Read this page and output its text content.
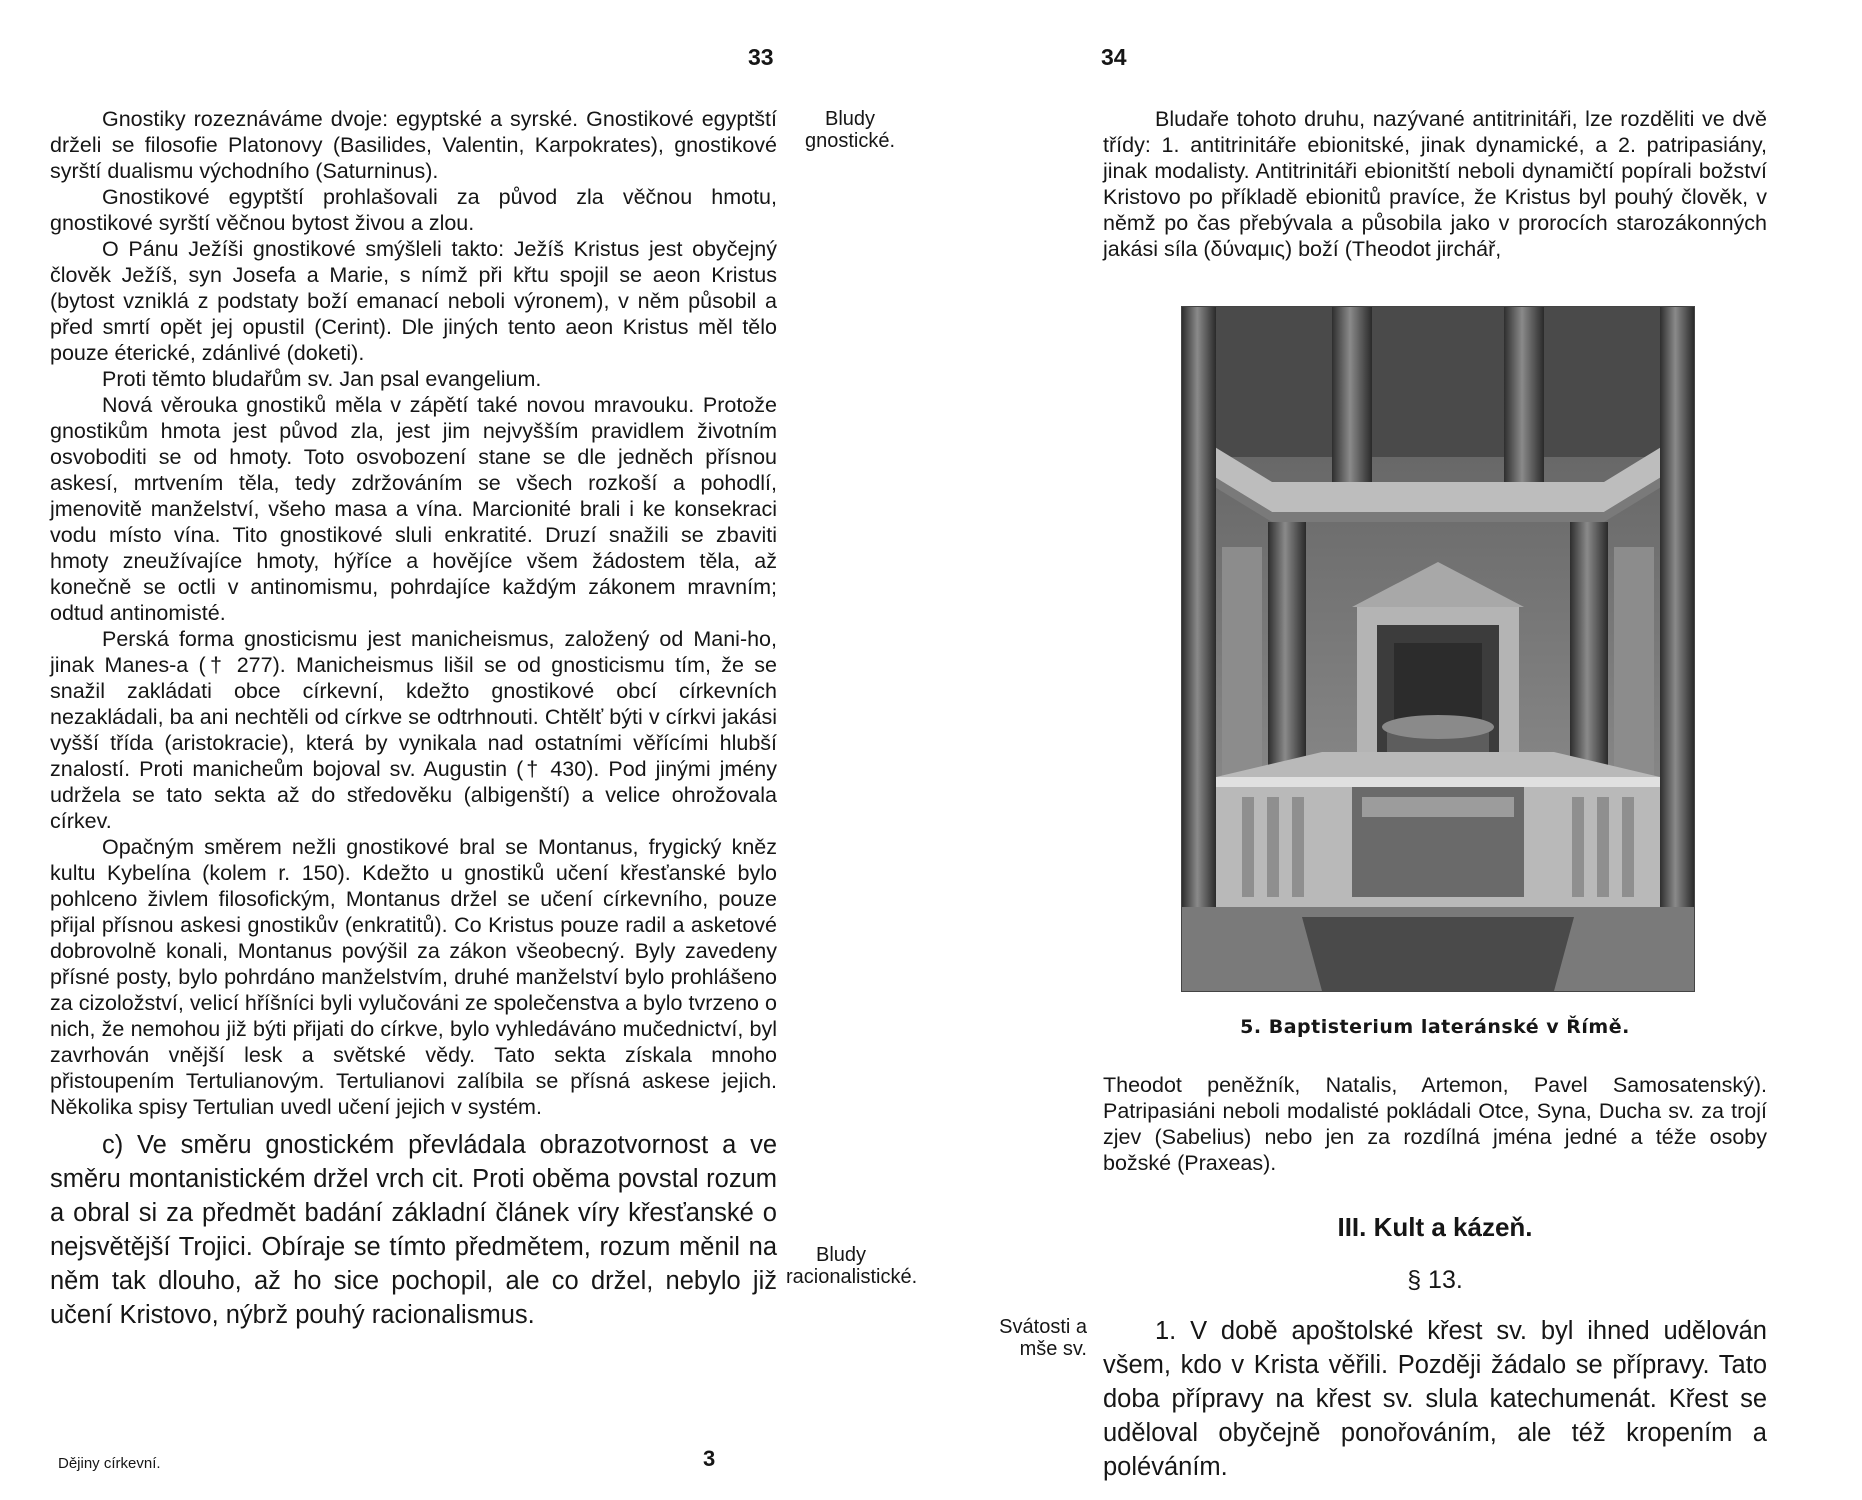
33
Bludy gnostické.

Gnostiky rozeznáváme dvoje: egyptské a syrské. Gnostikové egyptští drželi se filosofie Platonovy (Basilides, Valentin, Karpokrates), gnostikové syrští dualismu východního (Saturninus).

Gnostikové egyptští prohlašovali za původ zla věčnou hmotu, gnostikové syrští věčnou bytost živou a zlou.

O Pánu Ježíši gnostikové smýšleli takto: Ježíš Kristus jest obyčejný člověk Ježíš, syn Josefa a Marie, s nímž při křtu spojil se aeon Kristus (bytost vzniklá z podstaty boží emanací neboli výronem), v něm působil a před smrtí opět jej opustil (Cerint). Dle jiných tento aeon Kristus měl tělo pouze éterické, zdánlivé (doketi).

Proti těmto bludařům sv. Jan psal evangelium.

Nová věrouka gnostiků měla v zápětí také novou mravouku. Protože gnostikům hmota jest původ zla, jest jim nejvyšším pravidlem životním osvoboditi se od hmoty. Toto osvobození stane se dle jedněch přísnou askesí, mrtvením těla, tedy zdržováním se všech rozkoší a pohodlí, jmenovitě manželství, všeho masa a vína. Marcionité brali i ke konsekraci vodu místo vína. Tito gnostikové sluli enkratité. Druzí snažili se zbaviti hmoty zneužívajíce hmoty, hýříce a hovějíce všem žádostem těla, až konečně se octli v antinomismu, pohrdajíce každým zákonem mravním; odtud antinomisté.

Perská forma gnosticismu jest manicheismus, založený od Mani-ho, jinak Manes-a († 277). Manicheismus lišil se od gnosticismu tím, že se snažil zakládati obce církevní, kdežto gnostikové obcí církevních nezakládali, ba ani nechtěli od církve se odtrhnouti. Chtělť býti v církvi jakási vyšší třída (aristokracie), která by vynikala nad ostatními věřícími hlubší znalostí. Proti manicheům bojoval sv. Augustin († 430). Pod jinými jmény udržela se tato sekta až do středověku (albigenští) a velice ohrožovala církev.

Opačným směrem nežli gnostikové bral se Montanus, frygický kněz kultu Kybelína (kolem r. 150). Kdežto u gnostiků učení křesťanské bylo pohlceno živlem filosofickým, Montanus držel se učení církevního, pouze přijal přísnou askesi gnostikův (enkratitů). Co Kristus pouze radil a asketové dobrovolně konali, Montanus povýšil za zákon všeobecný. Byly zavedeny přísné posty, bylo pohrdáno manželstvím, druhé manželství bylo prohlášeno za cizoložství, velicí hříšníci byli vylučováni ze společenstva a bylo tvrzeno o nich, že nemohou již býti přijati do církve, bylo vyhledáváno mučednictví, byl zavrhován vnější lesk a světské vědy. Tato sekta získala mnoho přistoupením Tertulianovým. Tertulianovi zalíbila se přísná askese jejich. Několika spisy Tertulian uvedl učení jejich v systém.

c) Ve směru gnostickém převládala obrazotvornost a ve směru montanistickém držel vrch cit. Proti oběma povstal rozum a obral si za předmět badání základní článek víry křesťanské o nejsvětější Trojici. Obíraje se tímto předmětem, rozum měnil na něm tak dlouho, až ho sice pochopil, ale co držel, nebylo již učení Kristovo, nýbrž pouhý racionalismus.

Bludy racionalistické.
Dějiny církevní.	3
34

Bludaře tohoto druhu, nazývané antitrinitáři, lze rozděliti ve dvě třídy: 1. antitrinitáře ebionitské, jinak dynamické, a 2. patripasiány, jinak modalisty. Antitrinitáři ebionitští neboli dynamičtí popírali božství Kristovo po příkladě ebionitů pravíce, že Kristus byl pouhý člověk, v němž po čas přebývala a působila jako v prorocích starozákonných jakási síla (δύναμις) boží (Theodot jirchář,

5. Baptisterium lateránské v Římě.

Theodot peněžník, Natalis, Artemon, Pavel Samosatenský). Patripasiáni neboli modalisté pokládali Otce, Syna, Ducha sv. za trojí zjev (Sabelius) nebo jen za rozdílná jména jedné a téže osoby božské (Praxeas).

III. Kult a kázeň.
§ 13.
Svátosti a mše sv.

1. V době apoštolské křest sv. byl ihned udělován všem, kdo v Krista věřili. Později žádalo se přípravy. Tato doba přípravy na křest sv. slula katechumenát. Křest se uděloval obyčejně ponořováním, ale též kropením a poléváním.
